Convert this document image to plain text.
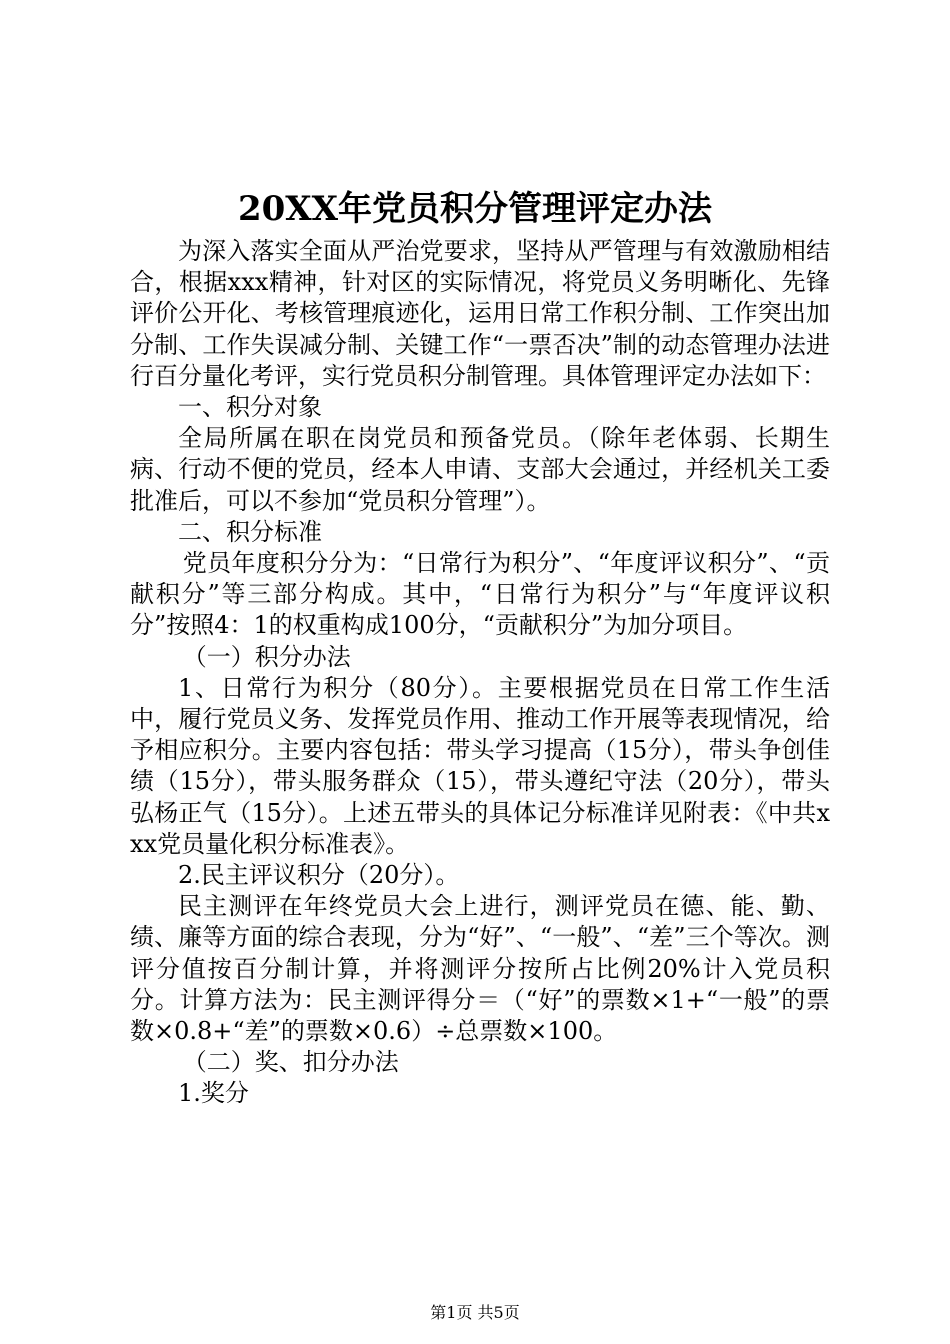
20XX年党员积分管理评定办法

为深入落实全面从严治党要求，坚持从严管理与有效激励相结合，根据xxx精神，针对区的实际情况，将党员义务明晰化、先锋评价公开化、考核管理痕迹化，运用日常工作积分制、工作突出加分制、工作失误减分制、关键工作“一票否决”制的动态管理办法进行百分量化考评，实行党员积分制管理。具体管理评定办法如下：

一、积分对象

全局所属在职在岗党员和预备党员。（除年老体弱、长期生病、行动不便的党员，经本人申请、支部大会通过，并经机关工委批准后，可以不参加“党员积分管理”）。

二、积分标准

党员年度积分分为：“日常行为积分”、“年度评议积分”、“贡献积分”等三部分构成。其中，“日常行为积分”与“年度评议积分”按照4：1的权重构成100分，“贡献积分”为加分项目。

（一）积分办法

1、日常行为积分（80分）。主要根据党员在日常工作生活中，履行党员义务、发挥党员作用、推动工作开展等表现情况，给予相应积分。主要内容包括：带头学习提高（15分），带头争创佳绩（15分），带头服务群众（15），带头遵纪守法（20分），带头弘杨正气（15分）。上述五带头的具体记分标准详见附表：《中共xxx党员量化积分标准表》。

2.民主评议积分（20分）。

民主测评在年终党员大会上进行，测评党员在德、能、勤、绩、廉等方面的综合表现，分为“好”、“一般”、“差”三个等次。测评分值按百分制计算，并将测评分按所占比例20%计入党员积分。计算方法为：民主测评得分＝（“好”的票数×1+“一般”的票数×0.8+“差”的票数×0.6）÷总票数×100。

（二）奖、扣分办法

1.奖分

第1页 共5页
